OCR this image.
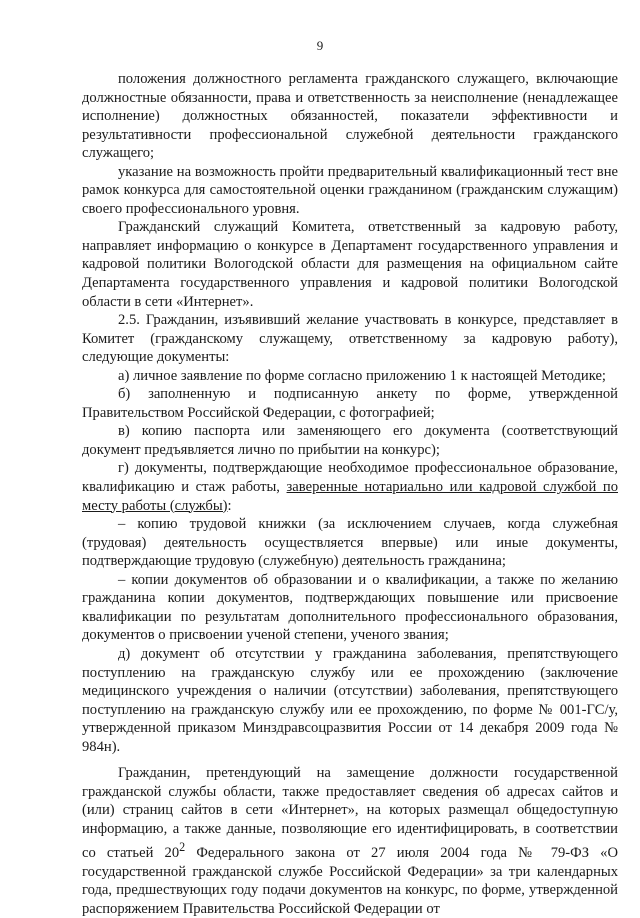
9

положения должностного регламента гражданского служащего, включающие должностные обязанности, права и ответственность за неисполнение (ненадлежащее исполнение) должностных обязанностей, показатели эффективности и результативности профессиональной служебной деятельности гражданского служащего;

указание на возможность пройти предварительный квалификационный тест вне рамок конкурса для самостоятельной оценки гражданином (гражданским служащим) своего профессионального уровня.

Гражданский служащий Комитета, ответственный за кадровую работу, направляет информацию о конкурсе в Департамент государственного управления и кадровой политики Вологодской области для размещения на официальном сайте Департамента государственного управления и кадровой политики Вологодской области в сети «Интернет».

2.5. Гражданин, изъявивший желание участвовать в конкурсе, представляет в Комитет (гражданскому служащему, ответственному за кадровую работу), следующие документы:

а) личное заявление по форме согласно приложению 1 к настоящей Методике;

б) заполненную и подписанную анкету по форме, утвержденной Правительством Российской Федерации, с фотографией;

в) копию паспорта или заменяющего его документа (соответствующий документ предъявляется лично по прибытии на конкурс);

г) документы, подтверждающие необходимое профессиональное образование, квалификацию и стаж работы, заверенные нотариально или кадровой службой по месту работы (службы):

– копию трудовой книжки (за исключением случаев, когда служебная (трудовая) деятельность осуществляется впервые) или иные документы, подтверждающие трудовую (служебную) деятельность гражданина;

– копии документов об образовании и о квалификации, а также по желанию гражданина копии документов, подтверждающих повышение или присвоение квалификации по результатам дополнительного профессионального образования, документов о присвоении ученой степени, ученого звания;

д) документ об отсутствии у гражданина заболевания, препятствующего поступлению на гражданскую службу или ее прохождению (заключение медицинского учреждения о наличии (отсутствии) заболевания, препятствующего поступлению на гражданскую службу или ее прохождению, по форме № 001-ГС/у, утвержденной приказом Минздравсоцразвития России от 14 декабря 2009 года № 984н).

Гражданин, претендующий на замещение должности государственной гражданской службы области, также предоставляет сведения об адресах сайтов и (или) страниц сайтов в сети «Интернет», на которых размещал общедоступную информацию, а также данные, позволяющие его идентифицировать, в соответствии со статьей $20^2$ Федерального закона от 27 июля 2004 года № 79-ФЗ «О государственной гражданской службе Российской Федерации» за три календарных года, предшествующих году подачи документов на конкурс, по форме, утвержденной распоряжением Правительства Российской Федерации от
